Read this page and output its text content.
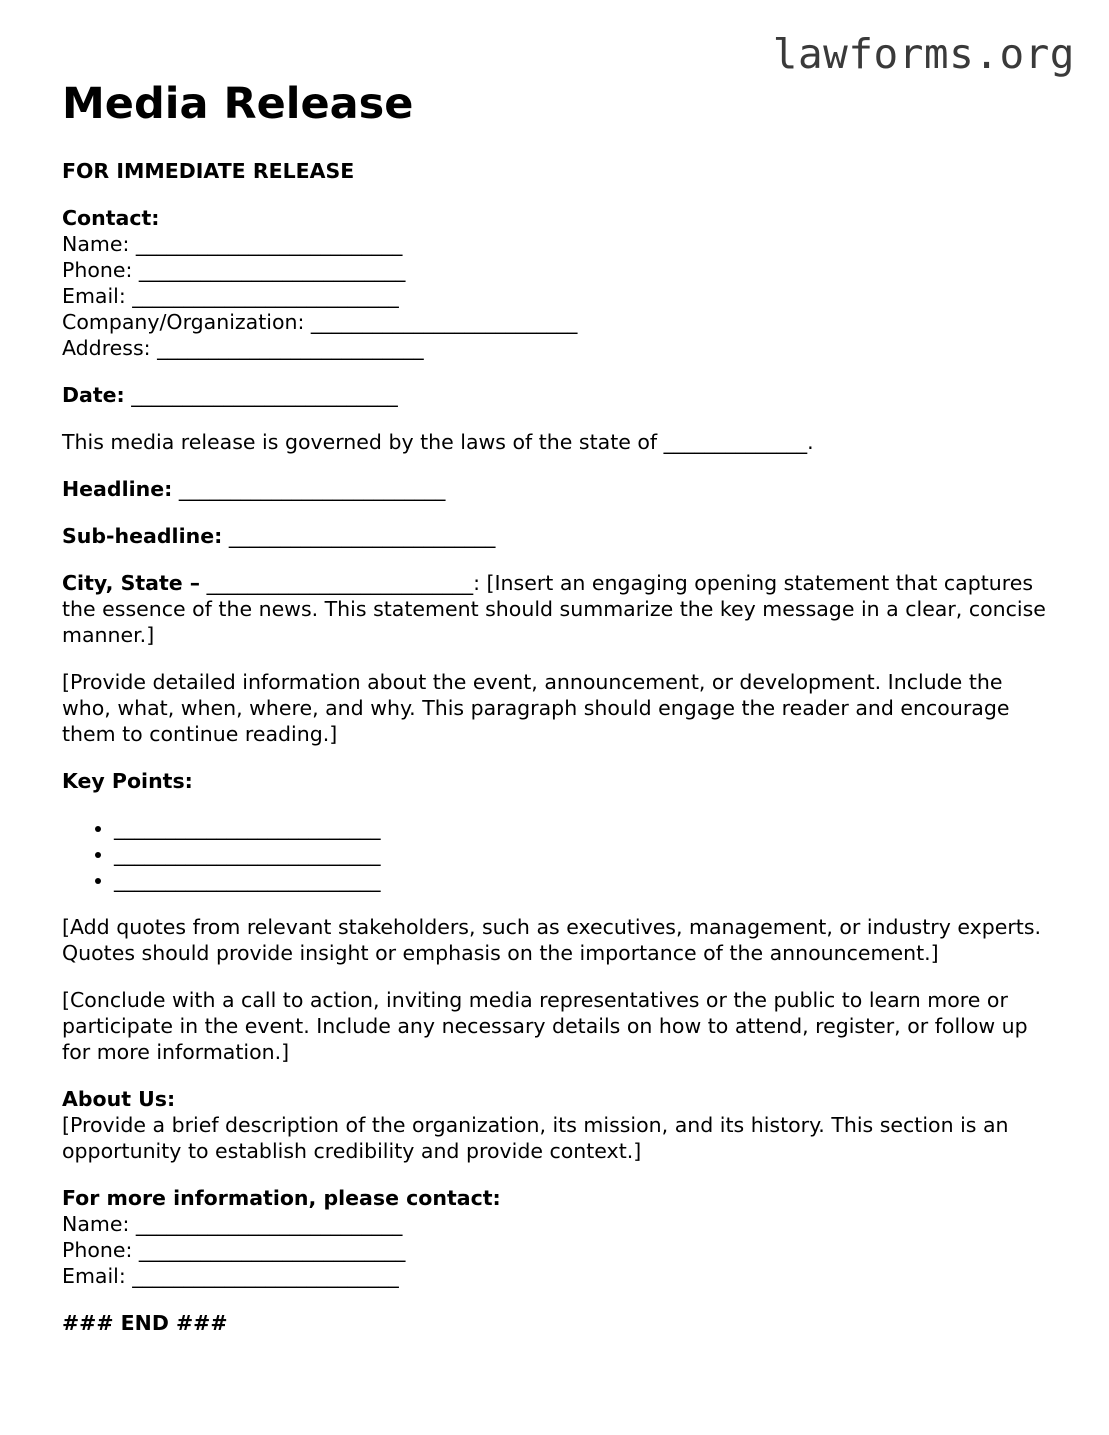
lawforms.org
Media Release

FOR IMMEDIATE RELEASE

Contact:
Name: __________________________
Phone: __________________________
Email: __________________________
Company/Organization: __________________________
Address: __________________________

Date: __________________________

This media release is governed by the laws of the state of ______________.

Headline: __________________________

Sub-headline: __________________________

City, State – __________________________: [Insert an engaging opening statement that captures the essence of the news. This statement should summarize the key message in a clear, concise manner.]

[Provide detailed information about the event, announcement, or development. Include the who, what, when, where, and why. This paragraph should engage the reader and encourage them to continue reading.]

Key Points:

• __________________________
• __________________________
• __________________________

[Add quotes from relevant stakeholders, such as executives, management, or industry experts. Quotes should provide insight or emphasis on the importance of the announcement.]

[Conclude with a call to action, inviting media representatives or the public to learn more or participate in the event. Include any necessary details on how to attend, register, or follow up for more information.]

About Us:
[Provide a brief description of the organization, its mission, and its history. This section is an opportunity to establish credibility and provide context.]

For more information, please contact:
Name: __________________________
Phone: __________________________
Email: __________________________

### END ###
